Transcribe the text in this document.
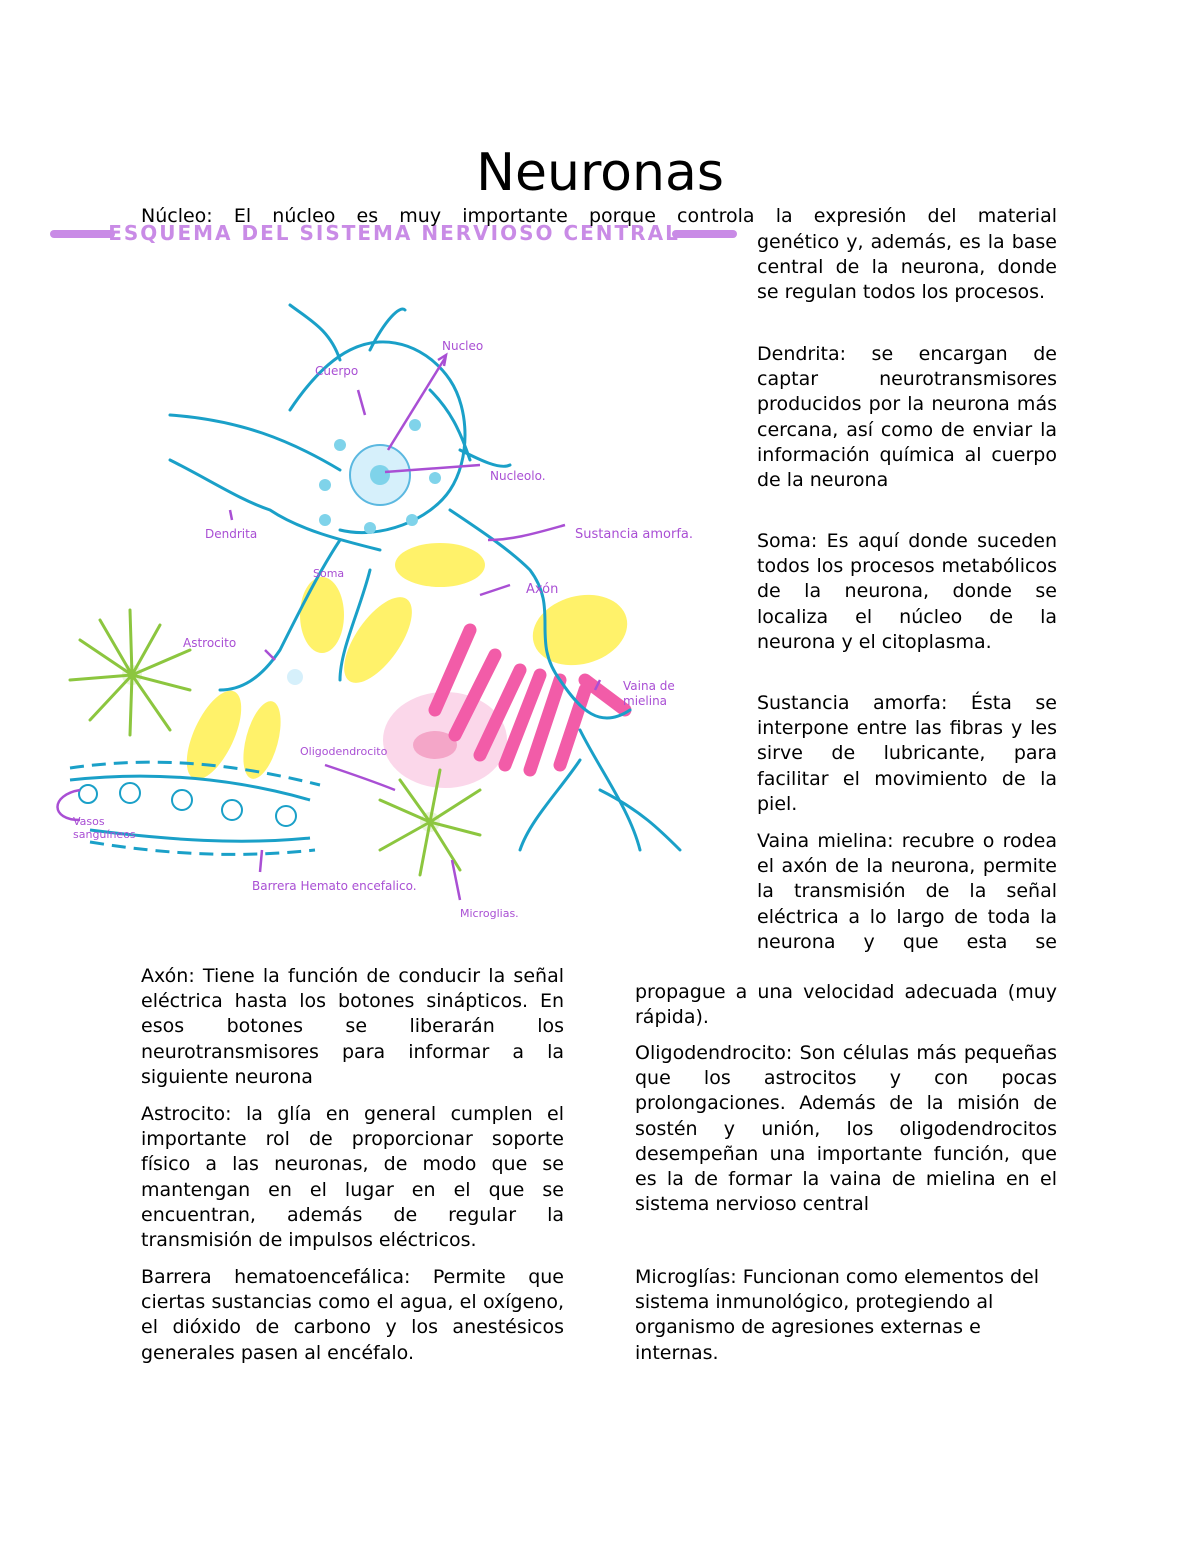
Neuronas
ESQUEMA DEL SISTEMA NERVIOSO CENTRAL
Nucleo
Cuerpo
Nucleolo.
Dendrita
Soma
Sustancia amorfa.
Axón
Astrocito
Vaina de
mielina
Oligodendrocito
Vasos
sanguíneos
Barrera Hemato encefalico.
Microglias.

Núcleo: El núcleo es muy importante porque controla la expresión del material

genético y, además, es la base central de la neurona, donde se regulan todos los procesos.

Dendrita: se encargan de captar neurotransmisores producidos por la neurona más cercana, así como de enviar la información química al cuerpo de la neurona

Soma: Es aquí donde suceden todos los procesos metabólicos de la neurona, donde se localiza el núcleo de la neurona y el citoplasma.

Sustancia amorfa: Ésta se interpone entre las fibras y les sirve de lubricante, para facilitar el movimiento de la piel.

Vaina mielina: recubre o rodea el axón de la neurona, permite la transmisión de la señal eléctrica a lo largo de toda la neurona y que esta se

propague a una velocidad adecuada (muy rápida).

Oligodendrocito: Son células más pequeñas que los astrocitos y con pocas prolongaciones. Además de la misión de sostén y unión, los oligodendrocitos desempeñan una importante función, que es la de formar la vaina de mielina en el sistema nervioso central

Microglías: Funcionan como elementos del sistema inmunológico, protegiendo al organismo de agresiones externas e internas.

Axón: Tiene la función de conducir la señal eléctrica hasta los botones sinápticos. En esos botones se liberarán los neurotransmisores para informar a la siguiente neurona

Astrocito: la glía en general cumplen el importante rol de proporcionar soporte físico a las neuronas, de modo que se mantengan en el lugar en el que se encuentran, además de regular la transmisión de impulsos eléctricos.

Barrera hematoencefálica: Permite que ciertas sustancias como el agua, el oxígeno, el dióxido de carbono y los anestésicos generales pasen al encéfalo.
